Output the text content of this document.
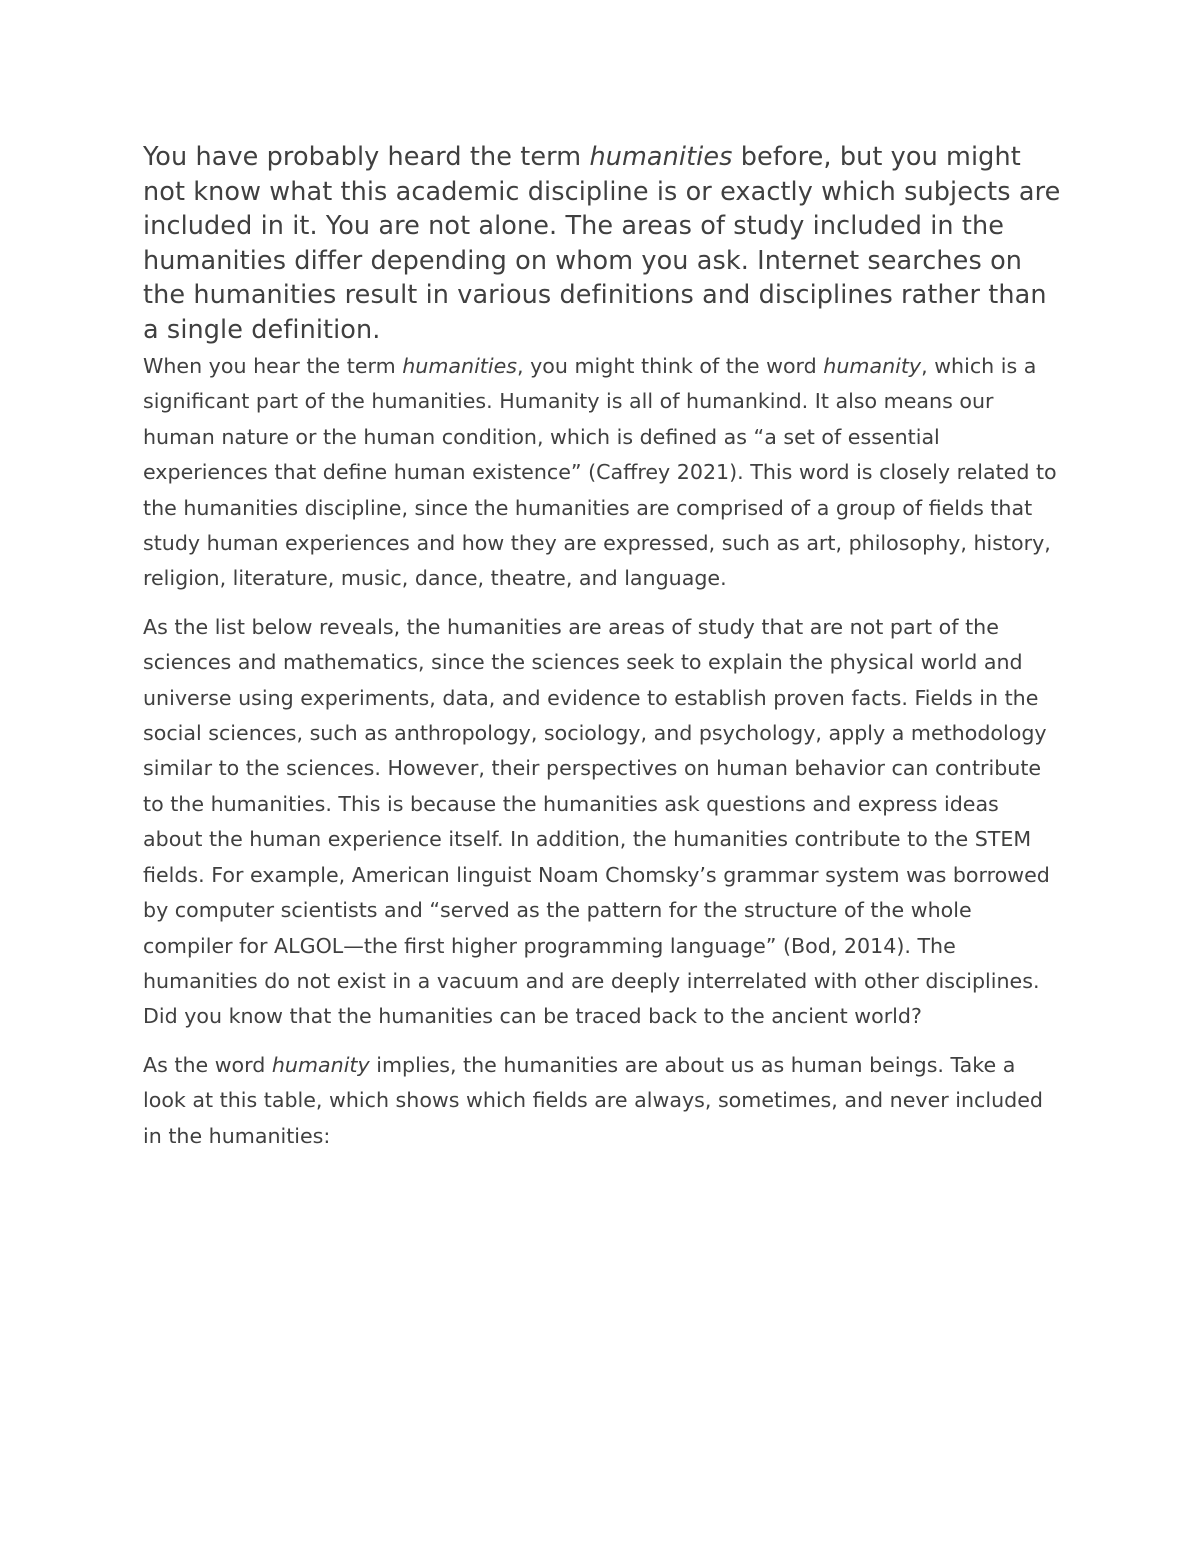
You have probably heard the term humanities before, but you might not know what this academic discipline is or exactly which subjects are included in it. You are not alone. The areas of study included in the humanities differ depending on whom you ask. Internet searches on the humanities result in various definitions and disciplines rather than a single definition.

When you hear the term humanities, you might think of the word humanity, which is a significant part of the humanities. Humanity is all of humankind. It also means our human nature or the human condition, which is defined as “a set of essential experiences that define human existence” (Caffrey 2021). This word is closely related to the humanities discipline, since the humanities are comprised of a group of fields that study human experiences and how they are expressed, such as art, philosophy, history, religion, literature, music, dance, theatre, and language.

As the list below reveals, the humanities are areas of study that are not part of the sciences and mathematics, since the sciences seek to explain the physical world and universe using experiments, data, and evidence to establish proven facts. Fields in the social sciences, such as anthropology, sociology, and psychology, apply a methodology similar to the sciences. However, their perspectives on human behavior can contribute to the humanities. This is because the humanities ask questions and express ideas about the human experience itself. In addition, the humanities contribute to the STEM fields. For example, American linguist Noam Chomsky’s grammar system was borrowed by computer scientists and “served as the pattern for the structure of the whole compiler for ALGOL—the first higher programming language” (Bod, 2014). The humanities do not exist in a vacuum and are deeply interrelated with other disciplines. Did you know that the humanities can be traced back to the ancient world?

As the word humanity implies, the humanities are about us as human beings. Take a look at this table, which shows which fields are always, sometimes, and never included in the humanities:
